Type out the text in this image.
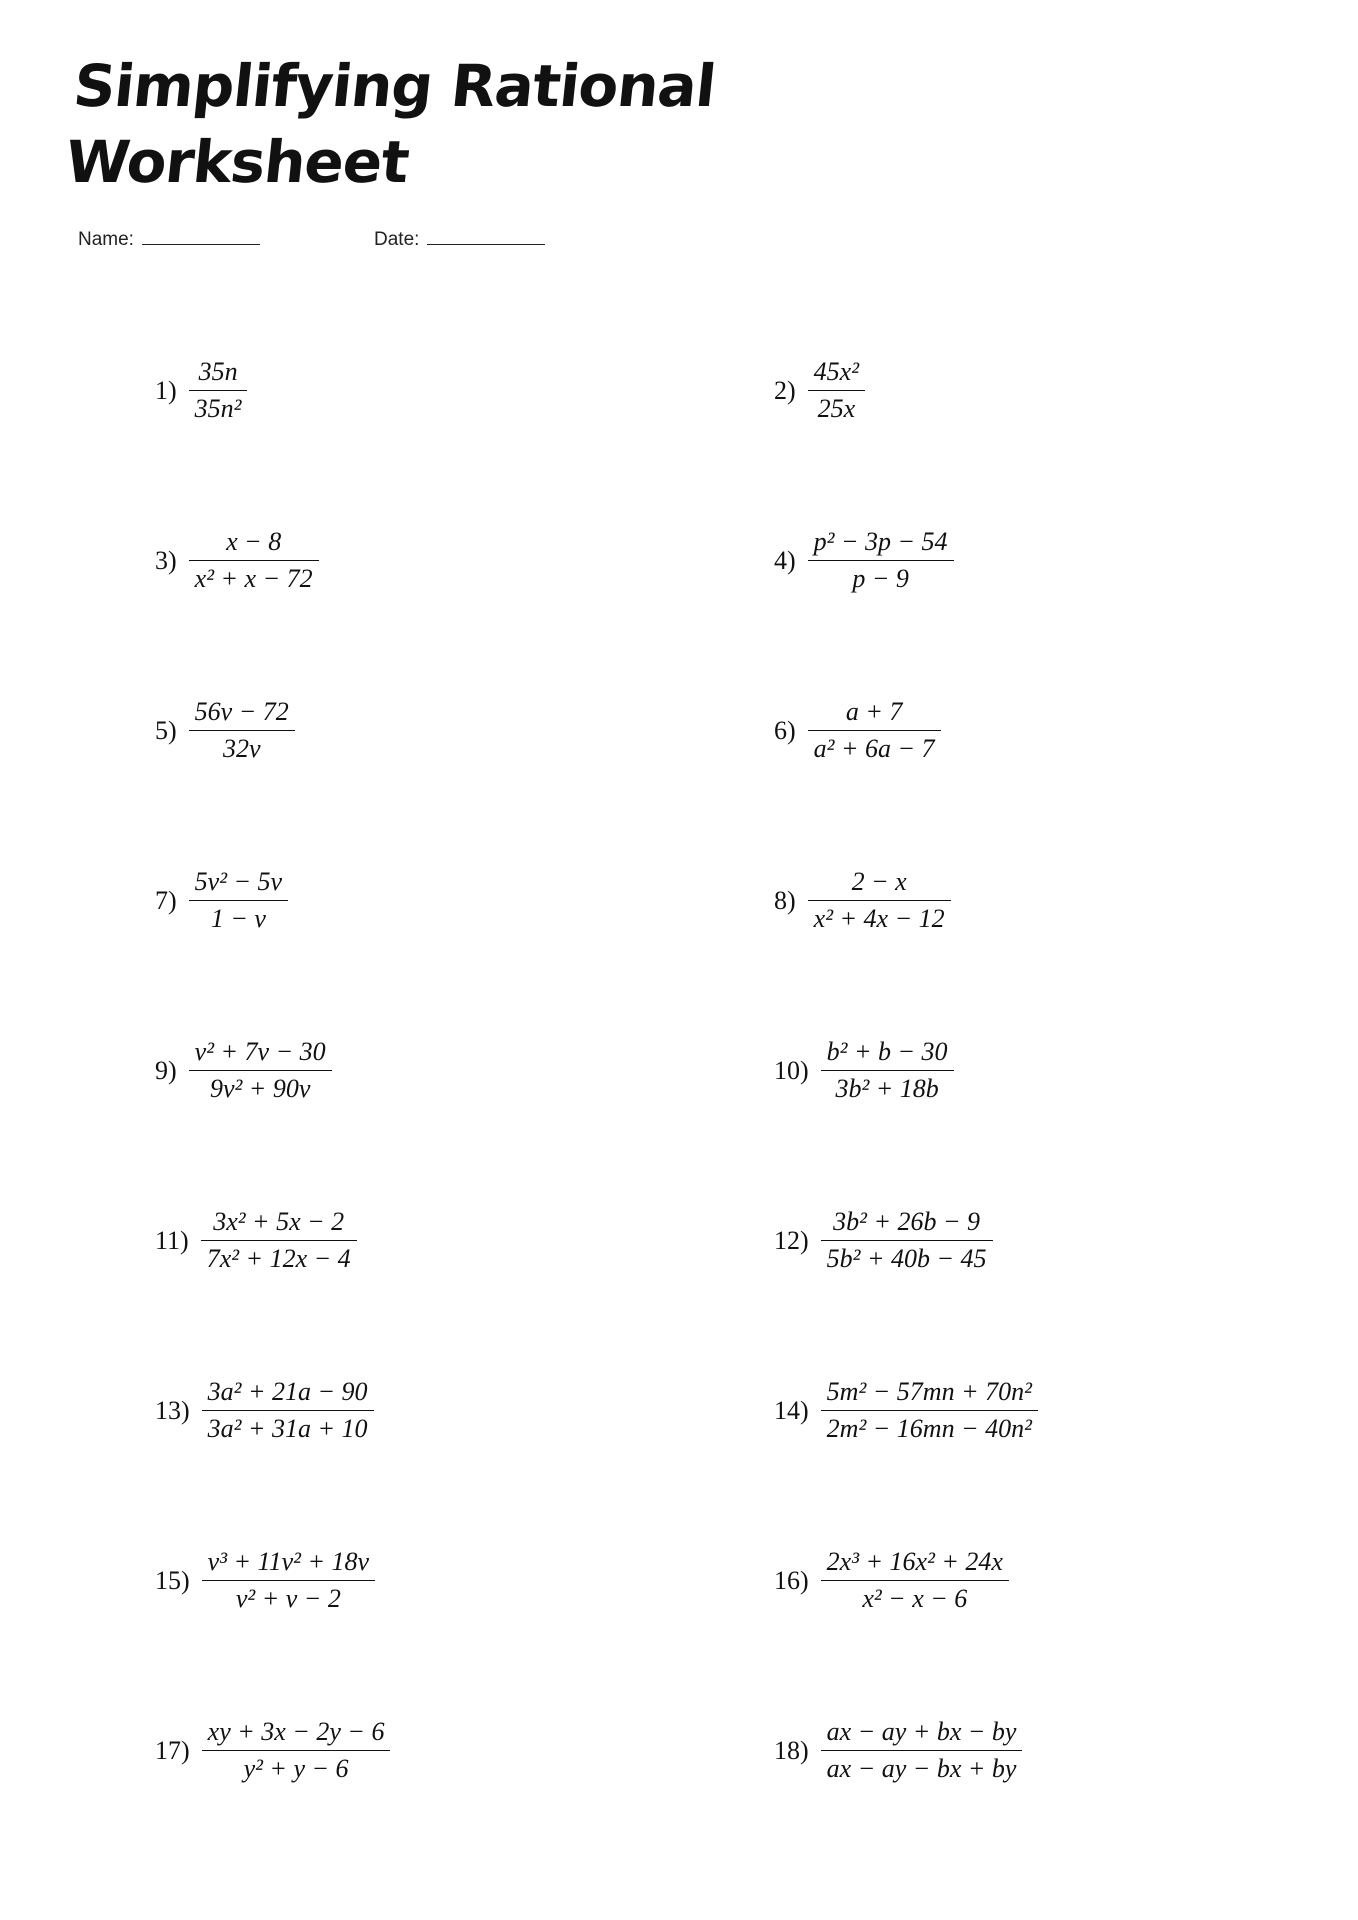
Simplifying Rational
Worksheet
Name:	Date:
$1) \frac{35n}{\text{35n²}}$	$2) \frac{\text{45x²}}{25x}$
$3) \frac{x - 8}{\text{x² + x − 72}}$	$4) \frac{\text{p² − 3p − 54}}{p - 9}$
$5) \frac{56v - 72}{32v}$	$6) \frac{a + 7}{\text{a² + 6a − 7}}$
$7) \frac{\text{5v² − 5v}}{1 - v}$	$8) \frac{2 - x}{\text{x² + 4x − 12}}$
$9) \frac{\text{v² + 7v − 30}}{\text{9v² + 90v}}$	$10) \frac{\text{b² + b − 30}}{\text{3b² + 18b}}$
$11) \frac{\text{3x² + 5x − 2}}{\text{7x² + 12x − 4}}$	$12) \frac{\text{3b² + 26b − 9}}{\text{5b² + 40b − 45}}$
$13) \frac{\text{3a² + 21a − 90}}{\text{3a² + 31a + 10}}$	$14) \frac{\text{5m² − 57mn + 70n²}}{\text{2m² − 16mn − 40n²}}$
$15) \frac{\text{v³ + 11v² + 18v}}{\text{v² + v − 2}}$	$16) \frac{\text{2x³ + 16x² + 24x}}{\text{x² − x − 6}}$
$17) \frac{xy + 3x - 2y - 6}{\text{y² + y − 6}}$	$18) \frac{ax - ay + bx - by}{ax - ay - bx + by}$
